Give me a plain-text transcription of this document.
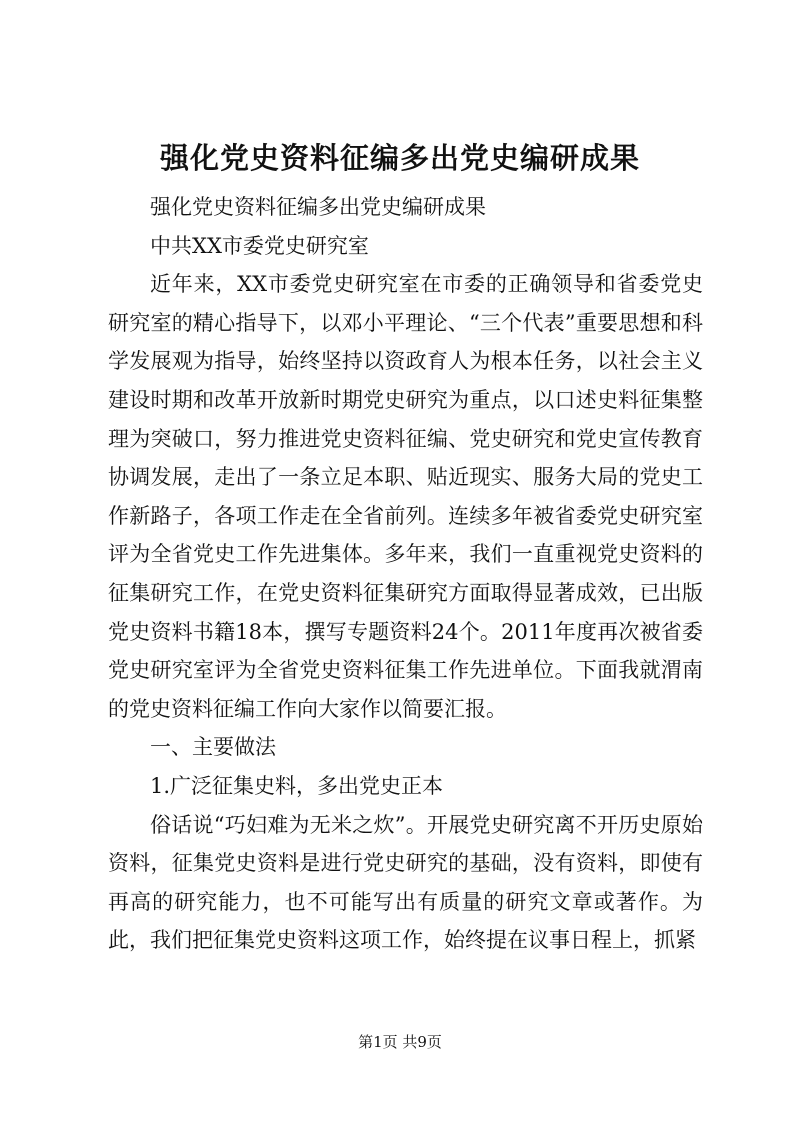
强化党史资料征编多出党史编研成果

强化党史资料征编多出党史编研成果

中共XX市委党史研究室

近年来，XX市委党史研究室在市委的正确领导和省委党史研究室的精心指导下，以邓小平理论、“三个代表”重要思想和科学发展观为指导，始终坚持以资政育人为根本任务，以社会主义建设时期和改革开放新时期党史研究为重点，以口述史料征集整理为突破口，努力推进党史资料征编、党史研究和党史宣传教育协调发展，走出了一条立足本职、贴近现实、服务大局的党史工作新路子，各项工作走在全省前列。连续多年被省委党史研究室评为全省党史工作先进集体。多年来，我们一直重视党史资料的征集研究工作，在党史资料征集研究方面取得显著成效，已出版党史资料书籍18本，撰写专题资料24个。2011年度再次被省委党史研究室评为全省党史资料征集工作先进单位。下面我就渭南的党史资料征编工作向大家作以简要汇报。

一、主要做法

1.广泛征集史料，多出党史正本

俗话说“巧妇难为无米之炊”。开展党史研究离不开历史原始资料，征集党史资料是进行党史研究的基础，没有资料，即使有再高的研究能力，也不可能写出有质量的研究文章或著作。为此，我们把征集党史资料这项工作，始终提在议事日程上，抓紧

第1页 共9页
